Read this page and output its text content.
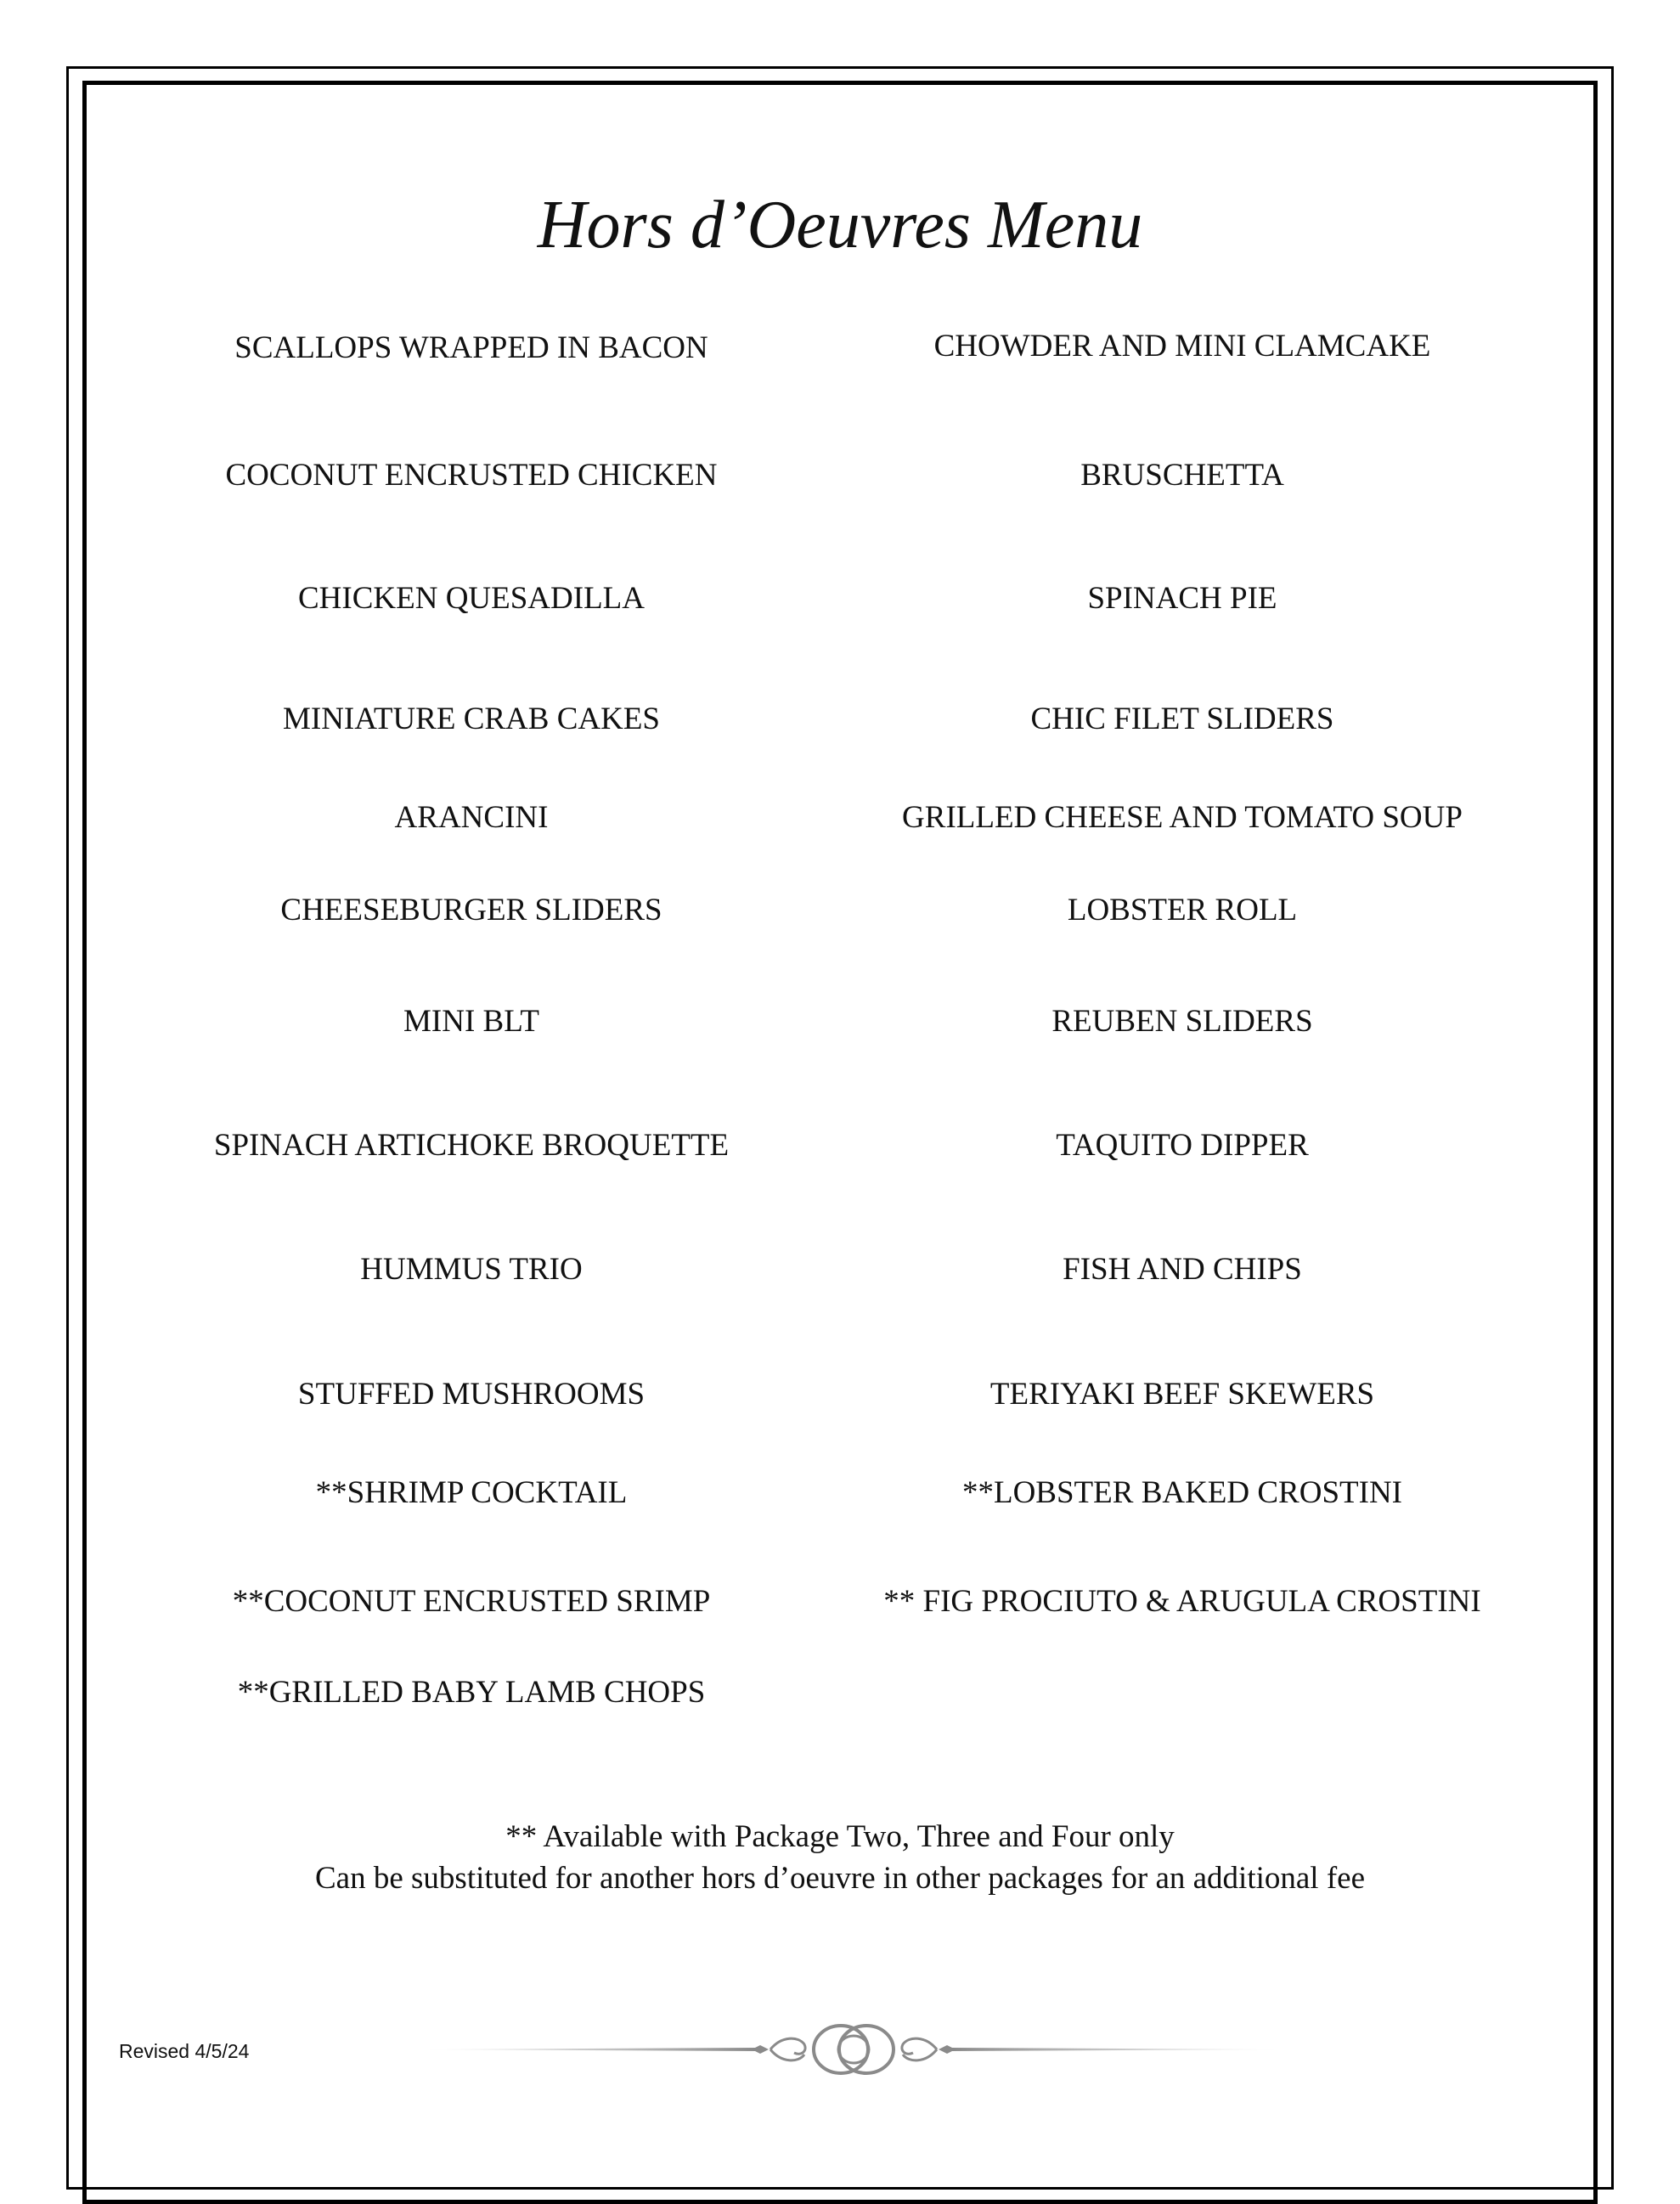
Hors d’Oeuvres Menu
SCALLOPS WRAPPED IN BACON
COCONUT ENCRUSTED CHICKEN
CHICKEN QUESADILLA
MINIATURE CRAB CAKES
ARANCINI
CHEESEBURGER SLIDERS
MINI BLT
SPINACH ARTICHOKE BROQUETTE
HUMMUS TRIO
STUFFED MUSHROOMS
**SHRIMP COCKTAIL
**COCONUT ENCRUSTED SRIMP
**GRILLED BABY LAMB CHOPS
CHOWDER AND MINI CLAMCAKE
BRUSCHETTA
SPINACH PIE
CHIC FILET SLIDERS
GRILLED CHEESE AND TOMATO SOUP
LOBSTER ROLL
REUBEN SLIDERS
TAQUITO DIPPER
FISH AND CHIPS
TERIYAKI BEEF SKEWERS
**LOBSTER BAKED CROSTINI
** FIG PROCIUTO & ARUGULA CROSTINI
** Available with Package Two, Three and Four only
Can be substituted for another hors d’oeuvre in other packages for an additional fee
Revised 4/5/24
